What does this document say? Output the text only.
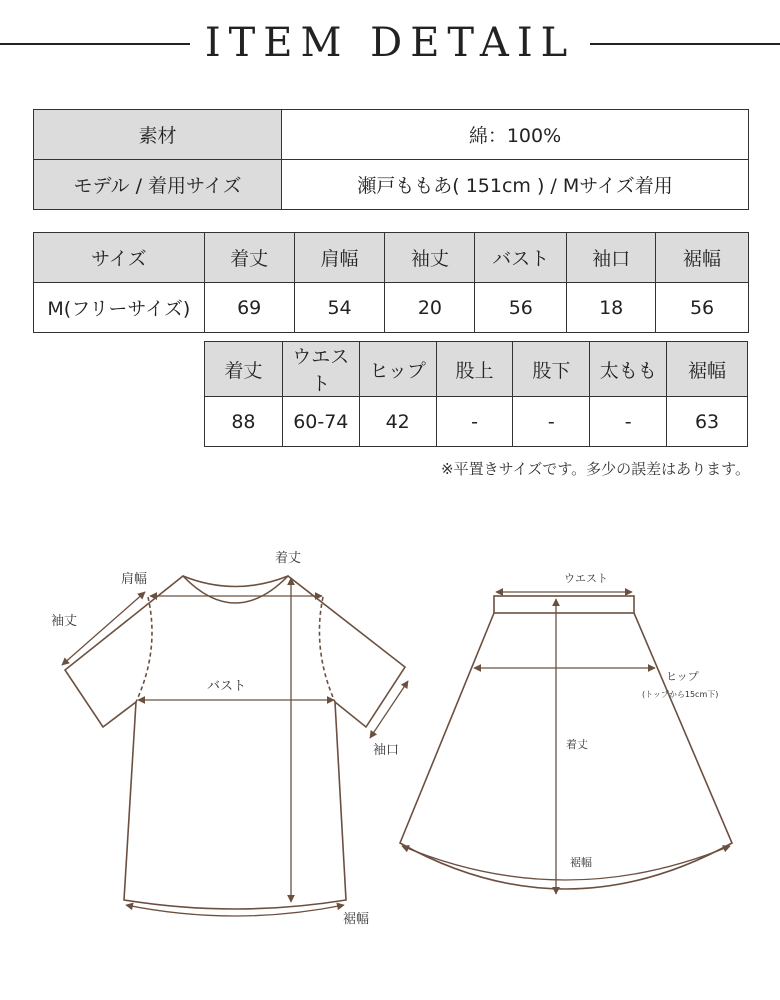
ITEM DETAIL
素材	綿：100%
モデル / 着用サイズ	瀬戸ももあ( 151cm ) / Mサイズ着用
サイズ	着丈	肩幅	袖丈	バスト	袖口	裾幅
M(フリーサイズ)	69	54	20	56	18	56
着丈	ウエスト	ヒップ	股上	股下	太もも	裾幅
88	60-74	42	-	-	-	63
※平置きサイズです。多少の誤差はあります。
着丈
肩幅
袖丈
バスト
袖口
裾幅
ウエスト
ヒップ
(トップから15cm下)
着丈
裾幅
